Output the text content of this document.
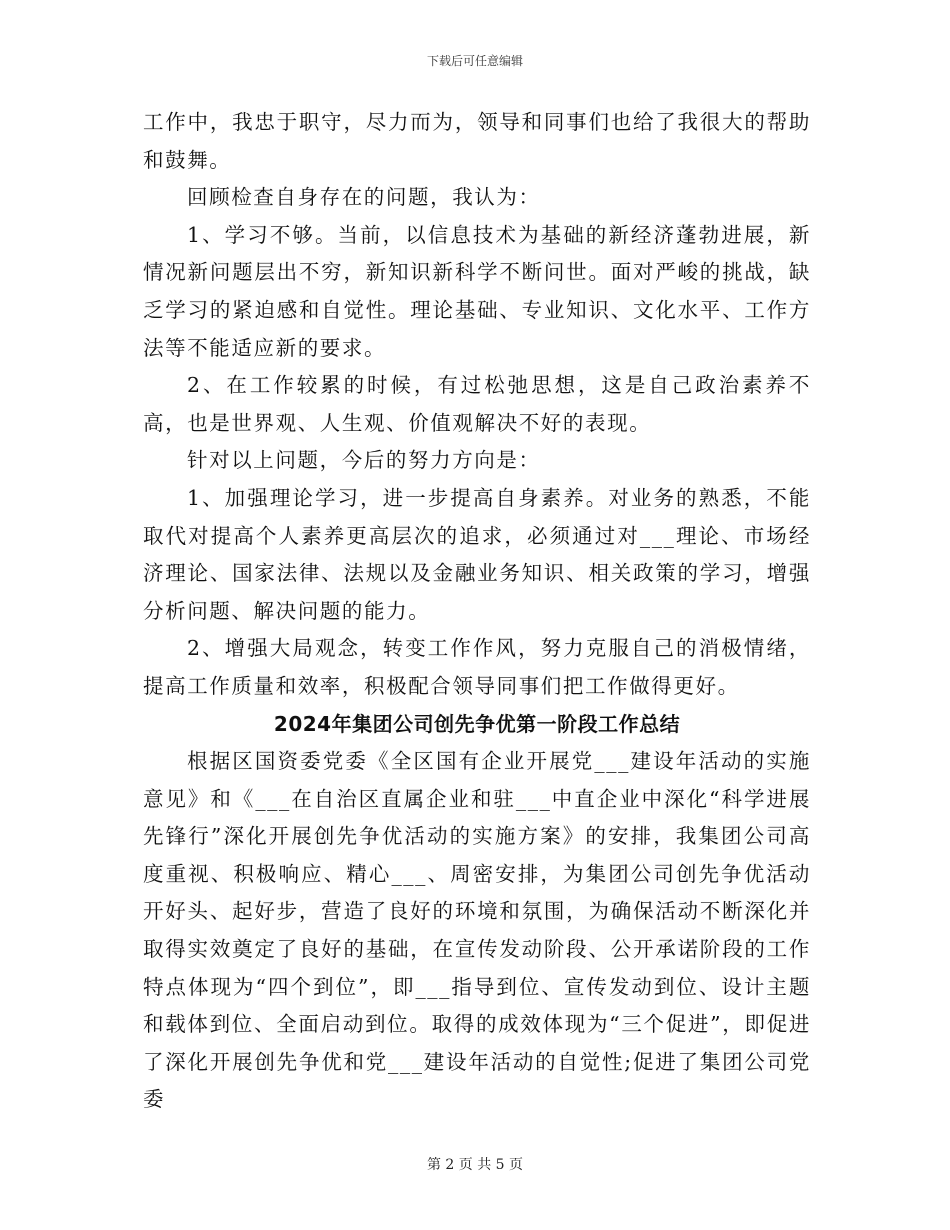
下载后可任意编辑

工作中，我忠于职守，尽力而为，领导和同事们也给了我很大的帮助和鼓舞。

回顾检查自身存在的问题，我认为：

1、学习不够。当前，以信息技术为基础的新经济蓬勃进展，新情况新问题层出不穷，新知识新科学不断问世。面对严峻的挑战，缺乏学习的紧迫感和自觉性。理论基础、专业知识、文化水平、工作方法等不能适应新的要求。

2、在工作较累的时候，有过松弛思想，这是自己政治素养不高，也是世界观、人生观、价值观解决不好的表现。

针对以上问题，今后的努力方向是：

1、加强理论学习，进一步提高自身素养。对业务的熟悉，不能取代对提高个人素养更高层次的追求，必须通过对___理论、市场经济理论、国家法律、法规以及金融业务知识、相关政策的学习，增强分析问题、解决问题的能力。

2、增强大局观念，转变工作作风，努力克服自己的消极情绪，提高工作质量和效率，积极配合领导同事们把工作做得更好。

2024年集团公司创先争优第一阶段工作总结

根据区国资委党委《全区国有企业开展党___建设年活动的实施意见》和《___在自治区直属企业和驻___中直企业中深化“科学进展先锋行”深化开展创先争优活动的实施方案》的安排，我集团公司高度重视、积极响应、精心___、周密安排，为集团公司创先争优活动开好头、起好步，营造了良好的环境和氛围，为确保活动不断深化并取得实效奠定了良好的基础，在宣传发动阶段、公开承诺阶段的工作特点体现为“四个到位”，即___指导到位、宣传发动到位、设计主题和载体到位、全面启动到位。取得的成效体现为“三个促进”，即促进了深化开展创先争优和党___建设年活动的自觉性;促进了集团公司党委

第 2 页 共 5 页
